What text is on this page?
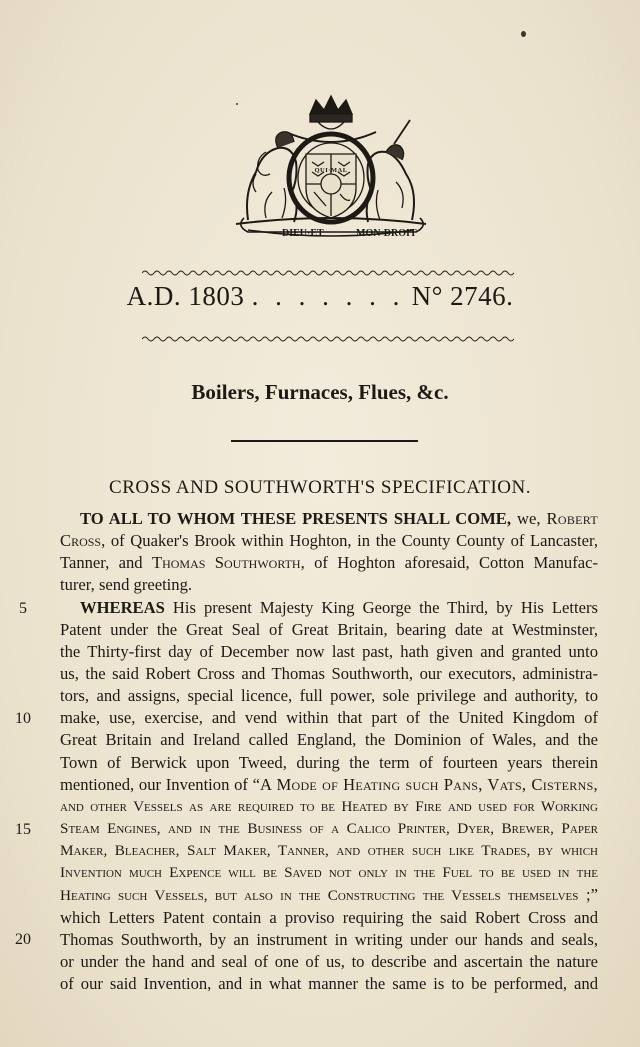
QUI·MAL
DIEU·ET	MON·DROIT
A.D. 1803 . . . . . . . N° 2746.
Boilers, Furnaces, Flues, &c.
CROSS AND SOUTHWORTH'S SPECIFICATION.
5
10
15
20
TO ALL TO WHOM THESE PRESENTS SHALL COME, we, Robert
Cross, of Quaker's Brook within Hoghton, in the County County of Lancaster,
Tanner, and Thomas Southworth, of Hoghton aforesaid, Cotton Manufac-
turer, send greeting.
WHEREAS His present Majesty King George the Third, by His Letters
Patent under the Great Seal of Great Britain, bearing date at Westminster,
the Thirty-first day of December now last past, hath given and granted unto
us, the said Robert Cross and Thomas Southworth, our executors, administra-
tors, and assigns, special licence, full power, sole privilege and authority, to
make, use, exercise, and vend within that part of the United Kingdom of
Great Britain and Ireland called England, the Dominion of Wales, and the
Town of Berwick upon Tweed, during the term of fourteen years therein
mentioned, our Invention of “A Mode of Heating such Pans, Vats, Cisterns,
and other Vessels as are required to be Heated by Fire and used for Working
Steam Engines, and in the Business of a Calico Printer, Dyer, Brewer, Paper
Maker, Bleacher, Salt Maker, Tanner, and other such like Trades, by which
Invention much Expence will be Saved not only in the Fuel to be used in the
Heating such Vessels, but also in the Constructing the Vessels themselves ;”
which Letters Patent contain a proviso requiring the said Robert Cross and
Thomas Southworth, by an instrument in writing under our hands and seals,
or under the hand and seal of one of us, to describe and ascertain the nature
of our said Invention, and in what manner the same is to be performed, and
